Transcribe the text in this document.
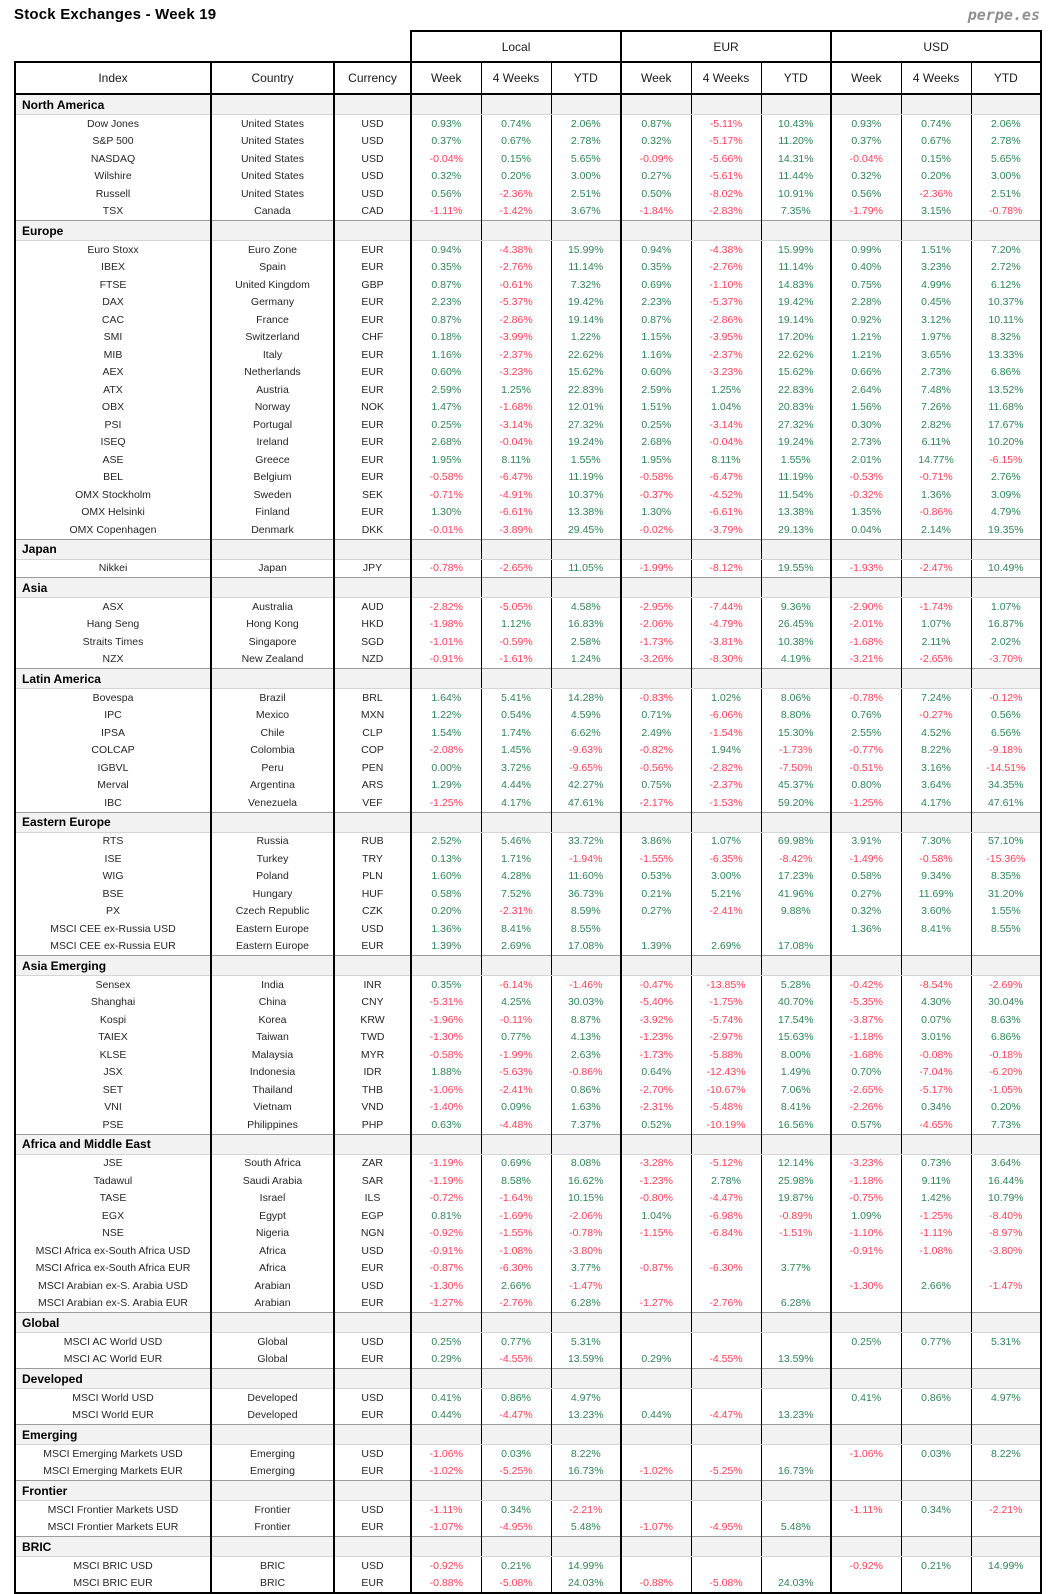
Stock Exchanges - Week 19	perpe.es
			Local			EUR			USD		
Index	Country	Currency	Week	4 Weeks	YTD	Week	4 Weeks	YTD	Week	4 Weeks	YTD
North America											
Dow Jones	United States	USD	0.93%	0.74%	2.06%	0.87%	-5.11%	10.43%	0.93%	0.74%	2.06%
S&P 500	United States	USD	0.37%	0.67%	2.78%	0.32%	-5.17%	11.20%	0.37%	0.67%	2.78%
NASDAQ	United States	USD	-0.04%	0.15%	5.65%	-0.09%	-5.66%	14.31%	-0.04%	0.15%	5.65%
Wilshire	United States	USD	0.32%	0.20%	3.00%	0.27%	-5.61%	11.44%	0.32%	0.20%	3.00%
Russell	United States	USD	0.56%	-2.36%	2.51%	0.50%	-8.02%	10.91%	0.56%	-2.36%	2.51%
TSX	Canada	CAD	-1.11%	-1.42%	3.67%	-1.84%	-2.83%	7.35%	-1.79%	3.15%	-0.78%
Europe											
Euro Stoxx	Euro Zone	EUR	0.94%	-4.38%	15.99%	0.94%	-4.38%	15.99%	0.99%	1.51%	7.20%
IBEX	Spain	EUR	0.35%	-2.76%	11.14%	0.35%	-2.76%	11.14%	0.40%	3.23%	2.72%
FTSE	United Kingdom	GBP	0.87%	-0.61%	7.32%	0.69%	-1.10%	14.83%	0.75%	4.99%	6.12%
DAX	Germany	EUR	2.23%	-5.37%	19.42%	2.23%	-5.37%	19.42%	2.28%	0.45%	10.37%
CAC	France	EUR	0.87%	-2.86%	19.14%	0.87%	-2.86%	19.14%	0.92%	3.12%	10.11%
SMI	Switzerland	CHF	0.18%	-3.99%	1.22%	1.15%	-3.95%	17.20%	1.21%	1.97%	8.32%
MIB	Italy	EUR	1.16%	-2.37%	22.62%	1.16%	-2.37%	22.62%	1.21%	3.65%	13.33%
AEX	Netherlands	EUR	0.60%	-3.23%	15.62%	0.60%	-3.23%	15.62%	0.66%	2.73%	6.86%
ATX	Austria	EUR	2.59%	1.25%	22.83%	2.59%	1.25%	22.83%	2.64%	7.48%	13.52%
OBX	Norway	NOK	1.47%	-1.68%	12.01%	1.51%	1.04%	20.83%	1.56%	7.26%	11.68%
PSI	Portugal	EUR	0.25%	-3.14%	27.32%	0.25%	-3.14%	27.32%	0.30%	2.82%	17.67%
ISEQ	Ireland	EUR	2.68%	-0.04%	19.24%	2.68%	-0.04%	19.24%	2.73%	6.11%	10.20%
ASE	Greece	EUR	1.95%	8.11%	1.55%	1.95%	8.11%	1.55%	2.01%	14.77%	-6.15%
BEL	Belgium	EUR	-0.58%	-6.47%	11.19%	-0.58%	-6.47%	11.19%	-0.53%	-0.71%	2.76%
OMX Stockholm	Sweden	SEK	-0.71%	-4.91%	10.37%	-0.37%	-4.52%	11.54%	-0.32%	1.36%	3.09%
OMX Helsinki	Finland	EUR	1.30%	-6.61%	13.38%	1.30%	-6.61%	13.38%	1.35%	-0.86%	4.79%
OMX Copenhagen	Denmark	DKK	-0.01%	-3.89%	29.45%	-0.02%	-3.79%	29.13%	0.04%	2.14%	19.35%
Japan											
Nikkei	Japan	JPY	-0.78%	-2.65%	11.05%	-1.99%	-8.12%	19.55%	-1.93%	-2.47%	10.49%
Asia											
ASX	Australia	AUD	-2.82%	-5.05%	4.58%	-2.95%	-7.44%	9.36%	-2.90%	-1.74%	1.07%
Hang Seng	Hong Kong	HKD	-1.98%	1.12%	16.83%	-2.06%	-4.79%	26.45%	-2.01%	1.07%	16.87%
Straits Times	Singapore	SGD	-1.01%	-0.59%	2.58%	-1.73%	-3.81%	10.38%	-1.68%	2.11%	2.02%
NZX	New Zealand	NZD	-0.91%	-1.61%	1.24%	-3.26%	-8.30%	4.19%	-3.21%	-2.65%	-3.70%
Latin America											
Bovespa	Brazil	BRL	1.64%	5.41%	14.28%	-0.83%	1.02%	8.06%	-0.78%	7.24%	-0.12%
IPC	Mexico	MXN	1.22%	0.54%	4.59%	0.71%	-6.06%	8.80%	0.76%	-0.27%	0.56%
IPSA	Chile	CLP	1.54%	1.74%	6.62%	2.49%	-1.54%	15.30%	2.55%	4.52%	6.56%
COLCAP	Colombia	COP	-2.08%	1.45%	-9.63%	-0.82%	1.94%	-1.73%	-0.77%	8.22%	-9.18%
IGBVL	Peru	PEN	0.00%	3.72%	-9.65%	-0.56%	-2.82%	-7.50%	-0.51%	3.16%	-14.51%
Merval	Argentina	ARS	1.29%	4.44%	42.27%	0.75%	-2.37%	45.37%	0.80%	3.64%	34.35%
IBC	Venezuela	VEF	-1.25%	4.17%	47.61%	-2.17%	-1.53%	59.20%	-1.25%	4.17%	47.61%
Eastern Europe											
RTS	Russia	RUB	2.52%	5.46%	33.72%	3.86%	1.07%	69.98%	3.91%	7.30%	57.10%
ISE	Turkey	TRY	0.13%	1.71%	-1.94%	-1.55%	-6.35%	-8.42%	-1.49%	-0.58%	-15.36%
WIG	Poland	PLN	1.60%	4.28%	11.60%	0.53%	3.00%	17.23%	0.58%	9.34%	8.35%
BSE	Hungary	HUF	0.58%	7.52%	36.73%	0.21%	5.21%	41.96%	0.27%	11.69%	31.20%
PX	Czech Republic	CZK	0.20%	-2.31%	8.59%	0.27%	-2.41%	9.88%	0.32%	3.60%	1.55%
MSCI CEE ex-Russia USD	Eastern Europe	USD	1.36%	8.41%	8.55%				1.36%	8.41%	8.55%
MSCI CEE ex-Russia EUR	Eastern Europe	EUR	1.39%	2.69%	17.08%	1.39%	2.69%	17.08%			
Asia Emerging											
Sensex	India	INR	0.35%	-6.14%	-1.46%	-0.47%	-13.85%	5.28%	-0.42%	-8.54%	-2.69%
Shanghai	China	CNY	-5.31%	4.25%	30.03%	-5.40%	-1.75%	40.70%	-5.35%	4.30%	30.04%
Kospi	Korea	KRW	-1.96%	-0.11%	8.87%	-3.92%	-5.74%	17.54%	-3.87%	0.07%	8.63%
TAIEX	Taiwan	TWD	-1.30%	0.77%	4.13%	-1.23%	-2.97%	15.63%	-1.18%	3.01%	6.86%
KLSE	Malaysia	MYR	-0.58%	-1.99%	2.63%	-1.73%	-5.88%	8.00%	-1.68%	-0.08%	-0.18%
JSX	Indonesia	IDR	1.88%	-5.63%	-0.86%	0.64%	-12.43%	1.49%	0.70%	-7.04%	-6.20%
SET	Thailand	THB	-1.06%	-2.41%	0.86%	-2.70%	-10.67%	7.06%	-2.65%	-5.17%	-1.05%
VNI	Vietnam	VND	-1.40%	0.09%	1.63%	-2.31%	-5.48%	8.41%	-2.26%	0.34%	0.20%
PSE	Philippines	PHP	0.63%	-4.48%	7.37%	0.52%	-10.19%	16.56%	0.57%	-4.65%	7.73%
Africa and Middle East											
JSE	South Africa	ZAR	-1.19%	0.69%	8.08%	-3.28%	-5.12%	12.14%	-3.23%	0.73%	3.64%
Tadawul	Saudi Arabia	SAR	-1.19%	8.58%	16.62%	-1.23%	2.78%	25.98%	-1.18%	9.11%	16.44%
TASE	Israel	ILS	-0.72%	-1.64%	10.15%	-0.80%	-4.47%	19.87%	-0.75%	1.42%	10.79%
EGX	Egypt	EGP	0.81%	-1.69%	-2.06%	1.04%	-6.98%	-0.89%	1.09%	-1.25%	-8.40%
NSE	Nigeria	NGN	-0.92%	-1.55%	-0.78%	-1.15%	-6.84%	-1.51%	-1.10%	-1.11%	-8.97%
MSCI Africa ex-South Africa USD	Africa	USD	-0.91%	-1.08%	-3.80%				-0.91%	-1.08%	-3.80%
MSCI Africa ex-South Africa EUR	Africa	EUR	-0.87%	-6.30%	3.77%	-0.87%	-6.30%	3.77%			
MSCI Arabian ex-S. Arabia USD	Arabian	USD	-1.30%	2.66%	-1.47%				-1.30%	2.66%	-1.47%
MSCI Arabian ex-S. Arabia EUR	Arabian	EUR	-1.27%	-2.76%	6.28%	-1.27%	-2.76%	6.28%			
Global											
MSCI AC World USD	Global	USD	0.25%	0.77%	5.31%				0.25%	0.77%	5.31%
MSCI AC World EUR	Global	EUR	0.29%	-4.55%	13.59%	0.29%	-4.55%	13.59%			
Developed											
MSCI World USD	Developed	USD	0.41%	0.86%	4.97%				0.41%	0.86%	4.97%
MSCI World EUR	Developed	EUR	0.44%	-4.47%	13.23%	0.44%	-4.47%	13.23%			
Emerging											
MSCI Emerging Markets USD	Emerging	USD	-1.06%	0.03%	8.22%				-1.06%	0.03%	8.22%
MSCI Emerging Markets EUR	Emerging	EUR	-1.02%	-5.25%	16.73%	-1.02%	-5.25%	16.73%			
Frontier											
MSCI Frontier Markets USD	Frontier	USD	-1.11%	0.34%	-2.21%				-1.11%	0.34%	-2.21%
MSCI Frontier Markets EUR	Frontier	EUR	-1.07%	-4.95%	5.48%	-1.07%	-4.95%	5.48%			
BRIC											
MSCI BRIC USD	BRIC	USD	-0.92%	0.21%	14.99%				-0.92%	0.21%	14.99%
MSCI BRIC EUR	BRIC	EUR	-0.88%	-5.08%	24.03%	-0.88%	-5.08%	24.03%			
